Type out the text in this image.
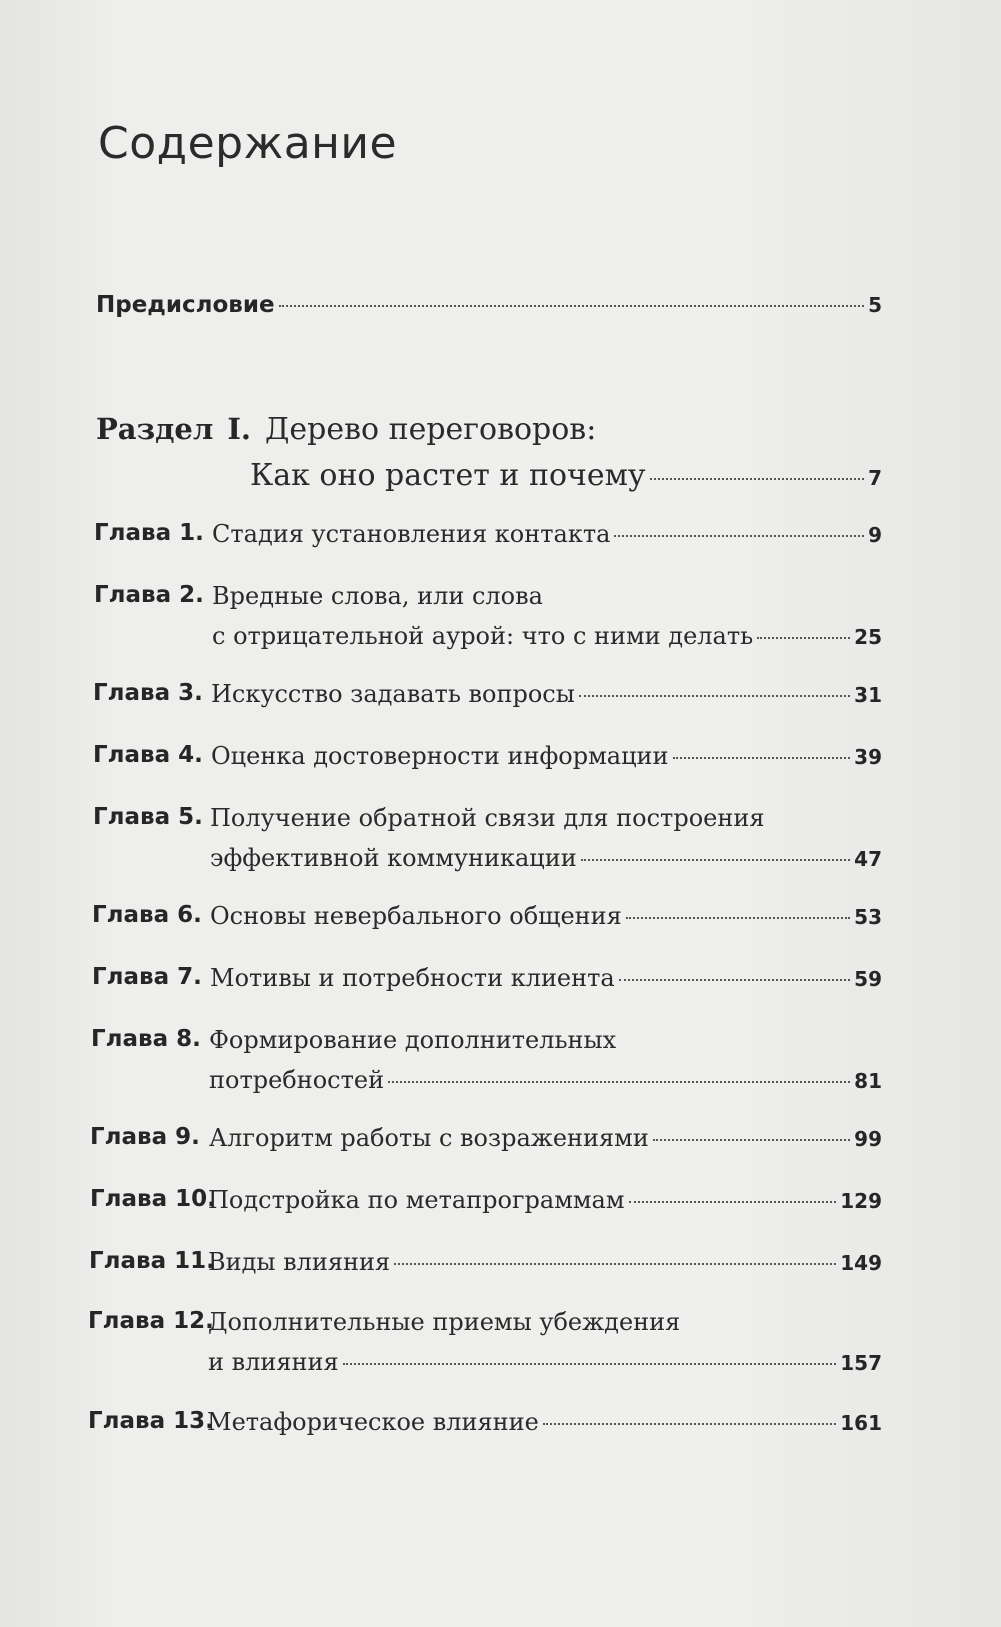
Содержание
Предисловие	5
Раздел I. Дерево переговоров:
Как оно растет и почему	7
Глава 1. Стадия установления контакта	9
Глава 2. Вредные слова, или слова
с отрицательной аурой: что с ними делать	25
Глава 3. Искусство задавать вопросы	31
Глава 4. Оценка достоверности информации	39
Глава 5. Получение обратной связи для построения
эффективной коммуникации	47
Глава 6. Основы невербального общения	53
Глава 7. Мотивы и потребности клиента	59
Глава 8. Формирование дополнительных
потребностей	81
Глава 9. Алгоритм работы с возражениями	99
Глава 10.
Подстройка по метапрограммам	129
Глава 11.
Виды влияния	149
Глава 12.
Дополнительные приемы убеждения
и влияния	157
Глава 13.
Метафорическое влияние	161
